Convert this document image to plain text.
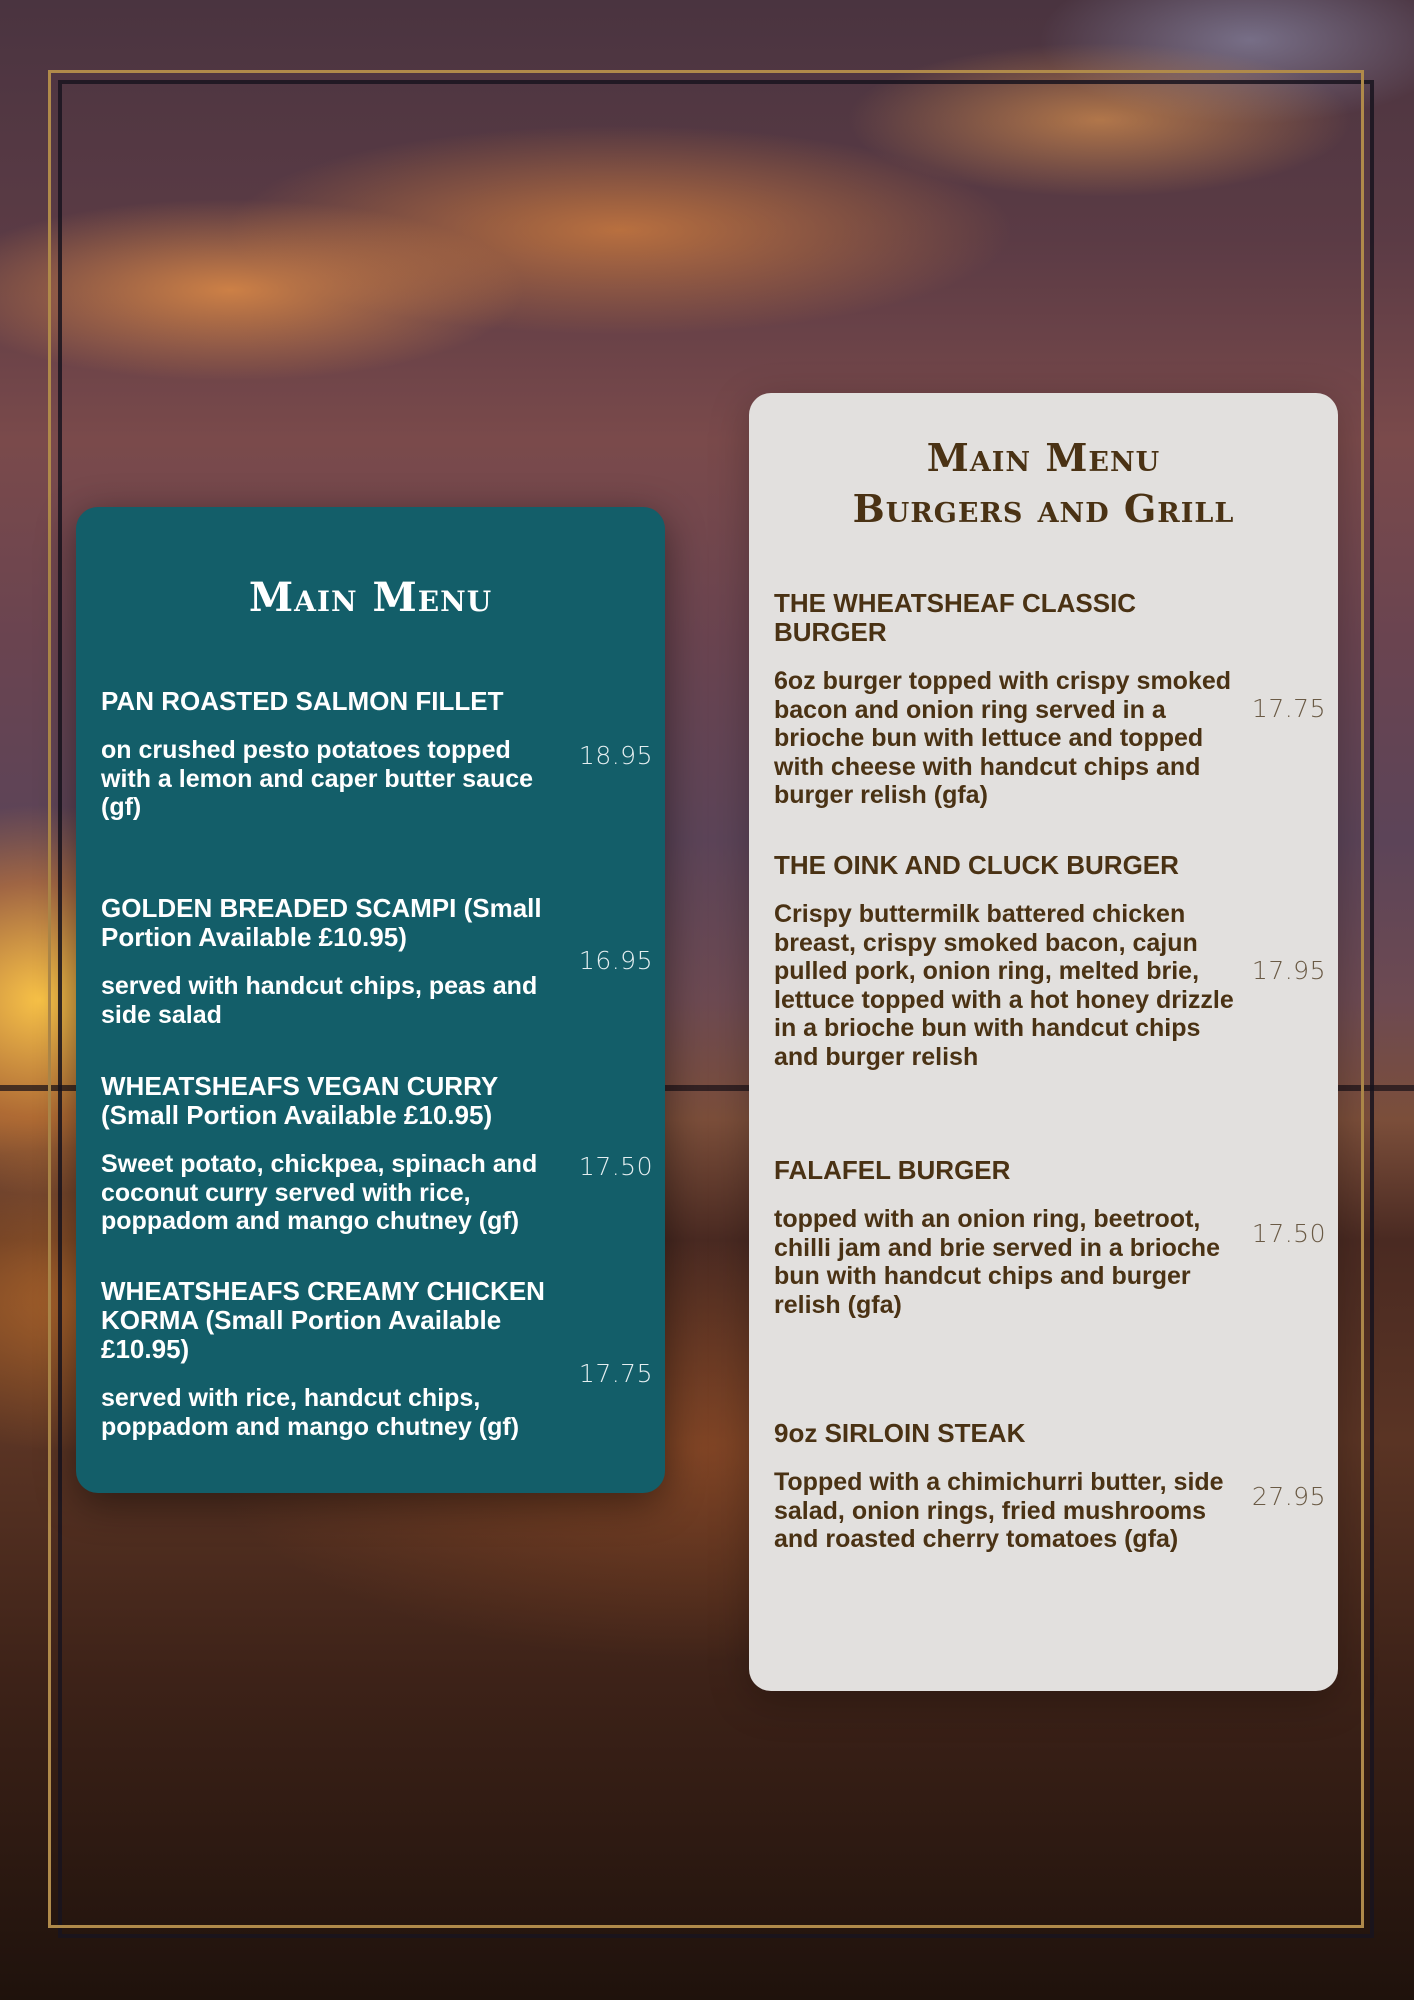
Main Menu

PAN ROASTED SALMON FILLET

on crushed pesto potatoes topped with a lemon and caper butter sauce (gf)

18.95

GOLDEN BREADED SCAMPI (Small Portion Available £10.95)

served with handcut chips, peas and side salad

16.95

WHEATSHEAFS VEGAN CURRY (Small Portion Available £10.95)

Sweet potato, chickpea, spinach and coconut curry served with rice, poppadom and mango chutney (gf)

17.50

WHEATSHEAFS CREAMY CHICKEN KORMA (Small Portion Available £10.95)

served with rice, handcut chips, poppadom and mango chutney (gf)

17.75
Main Menu
Burgers and Grill

THE WHEATSHEAF CLASSIC BURGER

6oz burger topped with crispy smoked bacon and onion ring served in a brioche bun with lettuce and topped with cheese with handcut chips and burger relish (gfa)

17.75

THE OINK AND CLUCK BURGER

Crispy buttermilk battered chicken breast, crispy smoked bacon, cajun pulled pork, onion ring, melted brie, lettuce topped with a hot honey drizzle in a brioche bun with handcut chips and burger relish

17.95

FALAFEL BURGER

topped with an onion ring, beetroot, chilli jam and brie served in a brioche bun with handcut chips and burger relish (gfa)

17.50

9oz SIRLOIN STEAK

Topped with a chimichurri butter, side salad, onion rings, fried mushrooms and roasted cherry tomatoes (gfa)

27.95
